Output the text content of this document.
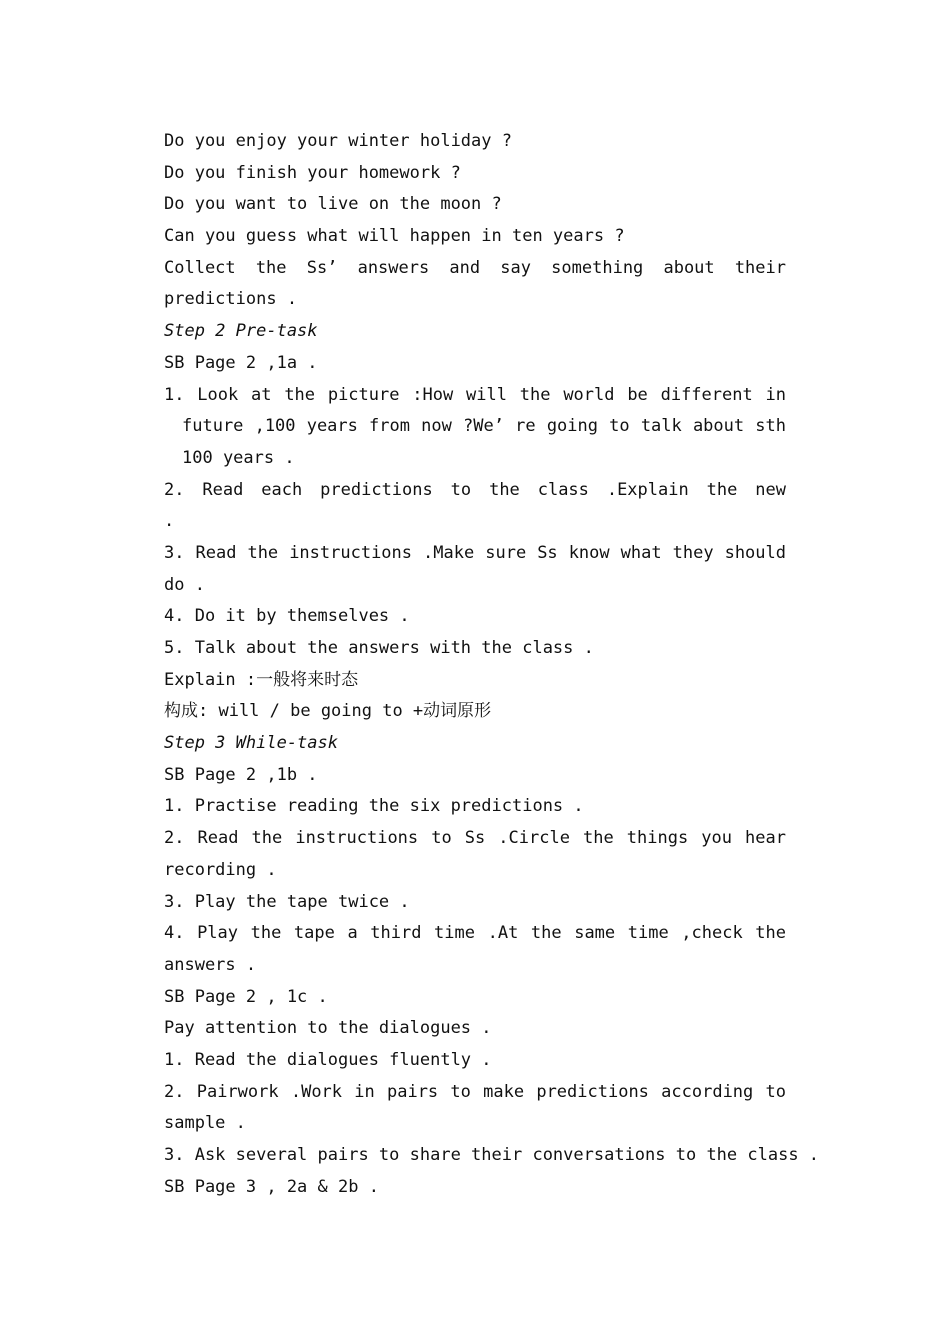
Do you enjoy your winter holiday ?
Do you finish your homework ?
Do you want to live on the moon ?
Can you guess what will happen in ten years ?
Collect the Ss’ answers and say something about their
predictions .
Step 2 Pre-task
SB Page 2 ,1a .
1. Look at the picture :How will the world be different in
future ,100 years from now ?We’ re going to talk about sth
100 years .
2. Read each predictions to the class .Explain the new
.
3. Read the instructions .Make sure Ss know what they should
do .
4. Do it by themselves .
5. Talk about the answers with the class .
Explain :一般将来时态
构成: will / be going to +动词原形
Step 3 While-task
SB Page 2 ,1b .
1. Practise reading the six predictions .
2. Read the instructions to Ss .Circle the things you hear
recording .
3. Play the tape twice .
4. Play the tape a third time .At the same time ,check the
answers .
SB Page 2 , 1c .
Pay attention to the dialogues .
1. Read the dialogues fluently .
2. Pairwork .Work in pairs to make predictions according to
sample .
3. Ask several pairs to share their conversations to the class .
SB Page 3 , 2a & 2b .
